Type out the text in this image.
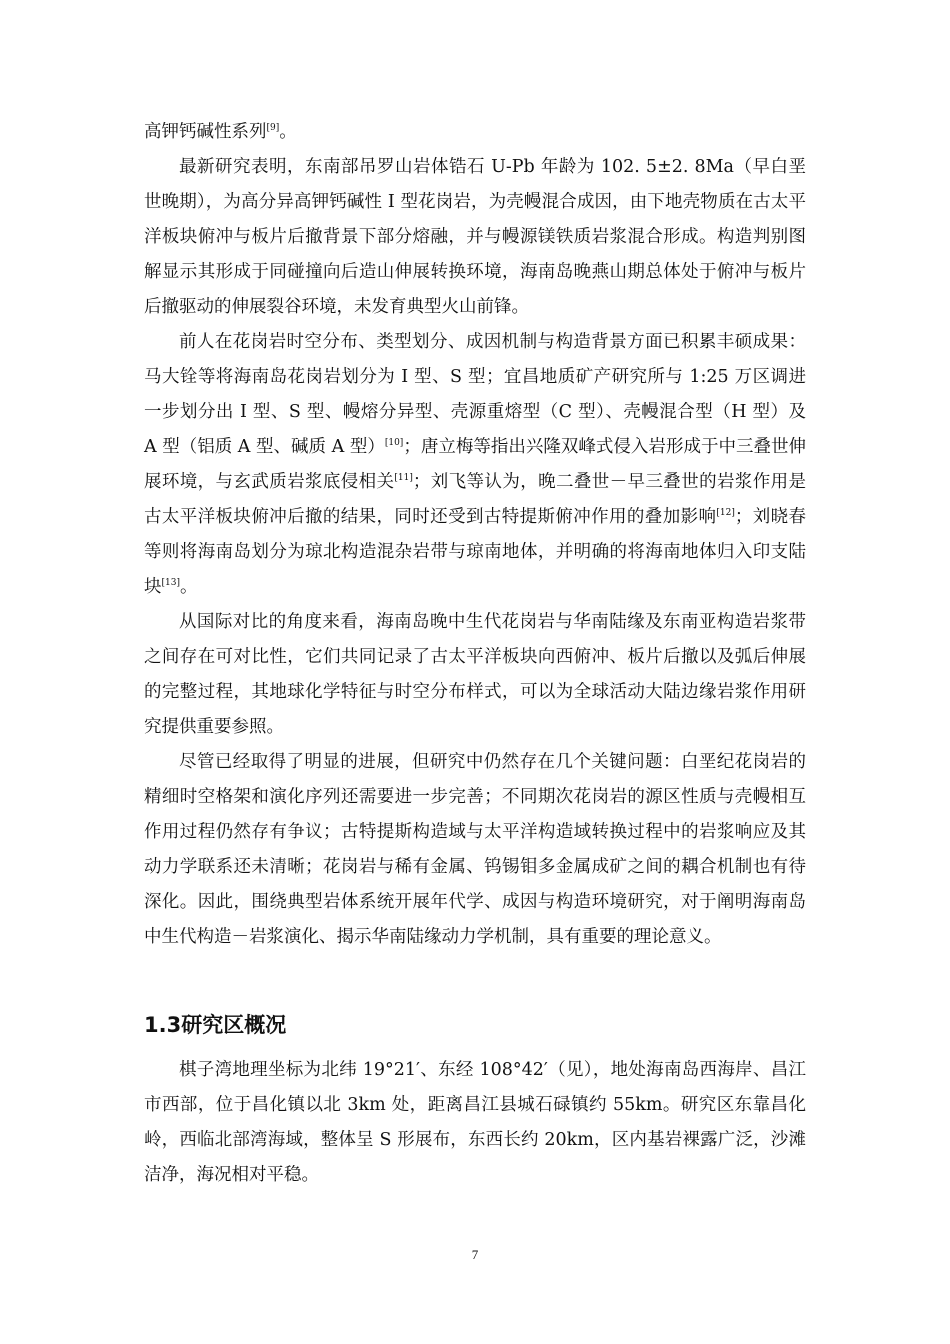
高钾钙碱性系列[9]。

最新研究表明，东南部吊罗山岩体锆石 U‐Pb 年龄为 102. 5±2. 8Ma（早白垩世晚期），为高分异高钾钙碱性 I 型花岗岩，为壳幔混合成因，由下地壳物质在古太平洋板块俯冲与板片后撤背景下部分熔融，并与幔源镁铁质岩浆混合形成。构造判别图解显示其形成于同碰撞向后造山伸展转换环境，海南岛晚燕山期总体处于俯冲与板片后撤驱动的伸展裂谷环境，未发育典型火山前锋。

前人在花岗岩时空分布、类型划分、成因机制与构造背景方面已积累丰硕成果：马大铨等将海南岛花岗岩划分为 I 型、S 型；宜昌地质矿产研究所与 1:25 万区调进一步划分出 I 型、S 型、幔熔分异型、壳源重熔型（C 型）、壳幔混合型（H 型）及 A 型（铝质 A 型、碱质 A 型）[10]；唐立梅等指出兴隆双峰式侵入岩形成于中三叠世伸展环境，与玄武质岩浆底侵相关[11]；刘飞等认为，晚二叠世－早三叠世的岩浆作用是古太平洋板块俯冲后撤的结果，同时还受到古特提斯俯冲作用的叠加影响[12]；刘晓春等则将海南岛划分为琼北构造混杂岩带与琼南地体，并明确的将海南地体归入印支陆块[13]。

从国际对比的角度来看，海南岛晚中生代花岗岩与华南陆缘及东南亚构造岩浆带之间存在可对比性，它们共同记录了古太平洋板块向西俯冲、板片后撤以及弧后伸展的完整过程，其地球化学特征与时空分布样式，可以为全球活动大陆边缘岩浆作用研究提供重要参照。

尽管已经取得了明显的进展，但研究中仍然存在几个关键问题：白垩纪花岗岩的精细时空格架和演化序列还需要进一步完善；不同期次花岗岩的源区性质与壳幔相互作用过程仍然存有争议；古特提斯构造域与太平洋构造域转换过程中的岩浆响应及其动力学联系还未清晰；花岗岩与稀有金属、钨锡钼多金属成矿之间的耦合机制也有待深化。因此，围绕典型岩体系统开展年代学、成因与构造环境研究，对于阐明海南岛中生代构造－岩浆演化、揭示华南陆缘动力学机制，具有重要的理论意义。

1.3研究区概况

棋子湾地理坐标为北纬 19°21′、东经 108°42′（见），地处海南岛西海岸、昌江市西部，位于昌化镇以北 3km 处，距离昌江县城石碌镇约 55km。研究区东靠昌化岭，西临北部湾海域，整体呈 S 形展布，东西长约 20km，区内基岩裸露广泛，沙滩洁净，海况相对平稳。

7
